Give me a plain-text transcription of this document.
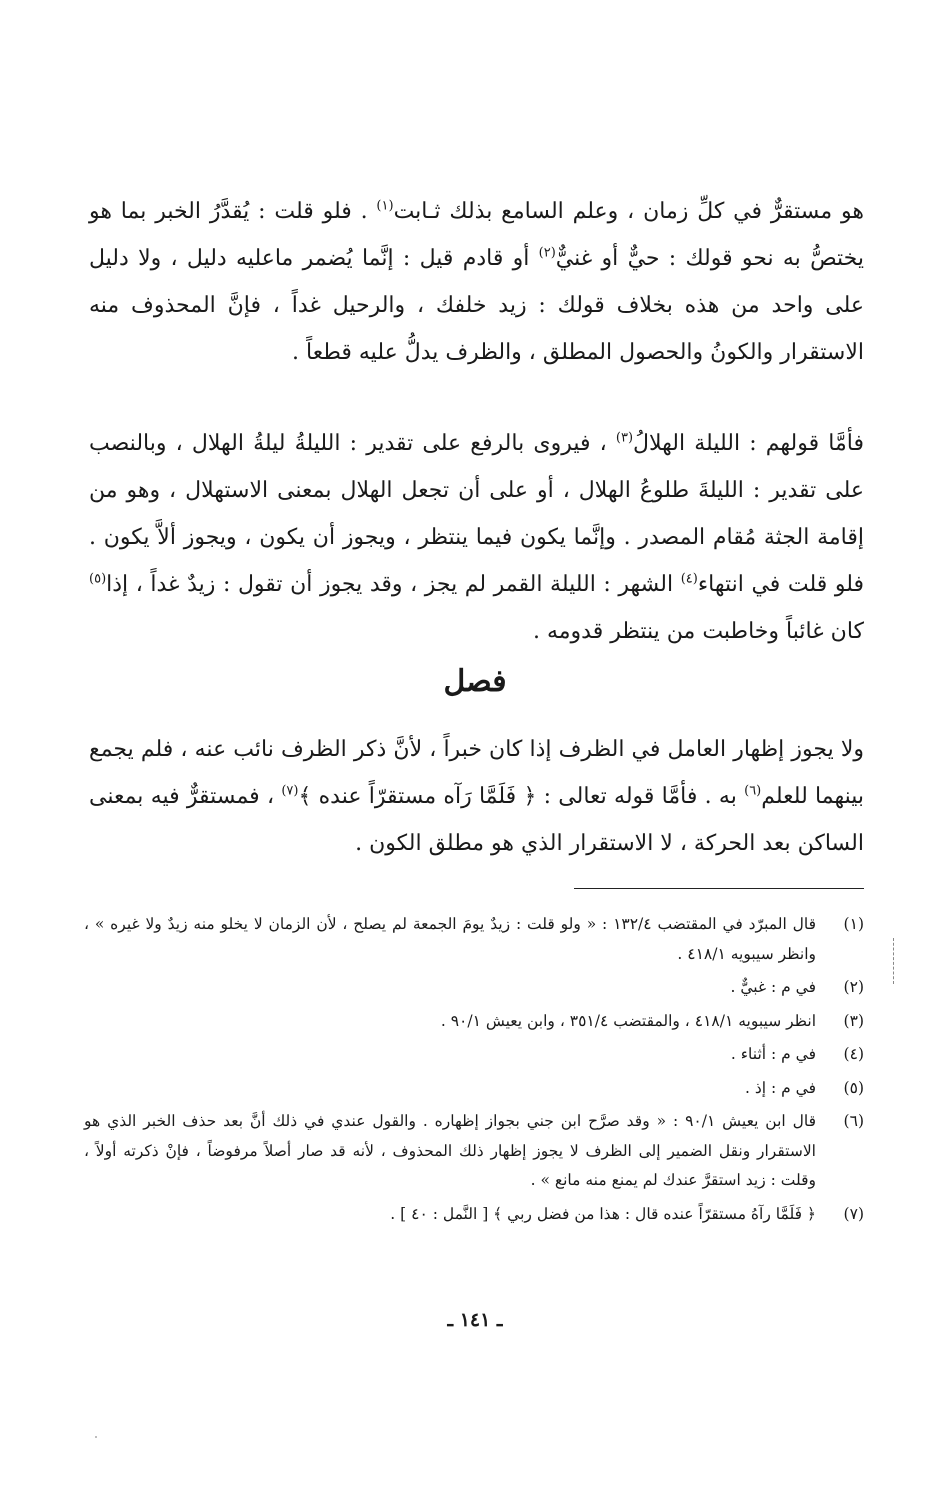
هو مستقرٌّ في كلِّ زمان ، وعلم السامع بذلك ثـابت$^{(١)}$ . فلو قلت : يُقدَّرُ الخبر بما هو يختصُّ به نحو قولك : حيٌّ أو غنيٌّ$^{(٢)}$ أو قادم قيل : إنَّما يُضمر ماعليه دليل ، ولا دليل على واحد من هذه بخلاف قولك : زيد خلفك ، والرحيل غداً ، فإنَّ المحذوف منه الاستقرار والكونُ والحصول المطلق ، والظرف يدلُّ عليه قطعاً .

فأمَّا قولهم : الليلة الهلالُ$^{(٣)}$ ، فيروى بالرفع على تقدير : الليلةُ ليلةُ الهلال ، وبالنصب على تقدير : الليلةَ طلوعُ الهلال ، أو على أن تجعل الهلال بمعنى الاستهلال ، وهو من إقامة الجثة مُقام المصدر . وإنَّما يكون فيما ينتظر ، ويجوز أن يكون ، ويجوز ألاَّ يكون . فلو قلت في انتهاء$^{(٤)}$ الشهر : الليلة القمر لم يجز ، وقد يجوز أن تقول : زيدٌ غداً ، إذا$^{(٥)}$ كان غائباً وخاطبت من ينتظر قدومه .

فصل

ولا يجوز إظهار العامل في الظرف إذا كان خبراً ، لأنَّ ذكر الظرف نائب عنه ، فلم يجمع بينهما للعلم$^{(٦)}$ به . فأمَّا قوله تعالى : ﴿ فَلَمَّا رَآه مستقرّاً عنده ﴾$^{(٧)}$ ، فمستقرٌّ فيه بمعنى الساكن بعد الحركة ، لا الاستقرار الذي هو مطلق الكون .

(١)
قال المبرّد في المقتضب ١٣٢/٤ : « ولو قلت : زيدٌ يومَ الجمعة لم يصلح ، لأن الزمان لا يخلو منه زيدٌ ولا غيره » ، وانظر سيبويه ٤١٨/١ .
(٢)
في م : غبيٌّ .
(٣)
انظر سيبويه ٤١٨/١ ، والمقتضب ٣٥١/٤ ، وابن يعيش ٩٠/١ .
(٤)
في م : أثناء .
(٥)
في م : إذ .
(٦)
قال ابن يعيش ٩٠/١ : « وقد صرَّح ابن جني بجواز إظهاره . والقول عندي في ذلك أنَّ بعد حذف الخبر الذي هو الاستقرار ونقل الضمير إلى الظرف لا يجوز إظهار ذلك المحذوف ، لأنه قد صار أصلاً مرفوضاً ، فإنْ ذكرته أولاً ، وقلت : زيد استقرَّ عندك لم يمنع منه مانع » .
(٧)
﴿ فَلَمَّا رآهُ مستقرّاً عنده قال : هذا من فضل ربي ﴾ [ النَّمل : ٤٠ ] .
ـ ١٤١ ـ
